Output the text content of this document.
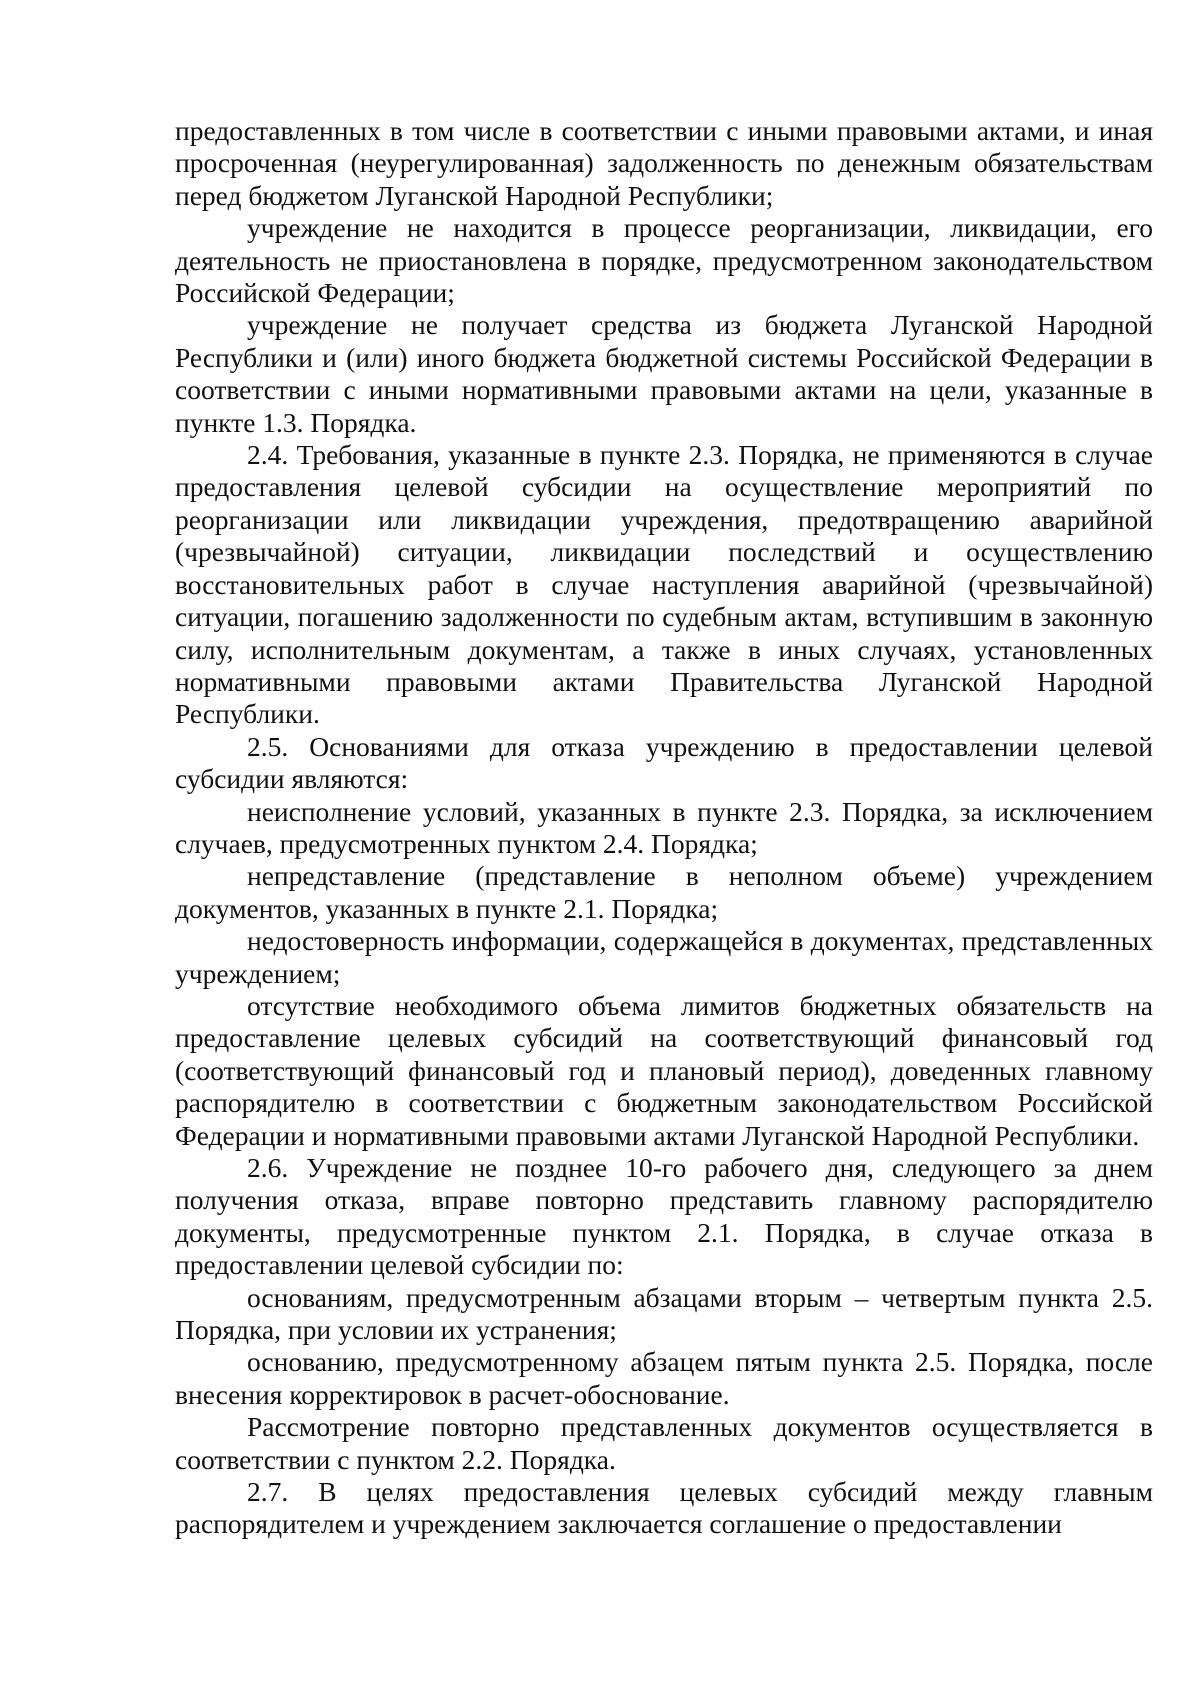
предоставленных в том числе в соответствии с иными правовыми актами, и иная просроченная (неурегулированная) задолженность по денежным обязательствам перед бюджетом Луганской Народной Республики;

учреждение не находится в процессе реорганизации, ликвидации, его деятельность не приостановлена в порядке, предусмотренном законодательством Российской Федерации;

учреждение не получает средства из бюджета Луганской Народной Республики и (или) иного бюджета бюджетной системы Российской Федерации в соответствии с иными нормативными правовыми актами на цели, указанные в пункте 1.3. Порядка.

2.4. Требования, указанные в пункте 2.3. Порядка, не применяются в случае предоставления целевой субсидии на осуществление мероприятий по реорганизации или ликвидации учреждения, предотвращению аварийной (чрезвычайной) ситуации, ликвидации последствий и осуществлению восстановительных работ в случае наступления аварийной (чрезвычайной) ситуации, погашению задолженности по судебным актам, вступившим в законную силу, исполнительным документам, а также в иных случаях, установленных нормативными правовыми актами Правительства Луганской Народной Республики.

2.5. Основаниями для отказа учреждению в предоставлении целевой субсидии являются:

неисполнение условий, указанных в пункте 2.3. Порядка, за исключением случаев, предусмотренных пунктом 2.4. Порядка;

непредставление (представление в неполном объеме) учреждением документов, указанных в пункте 2.1. Порядка;

недостоверность информации, содержащейся в документах, представленных учреждением;

отсутствие необходимого объема лимитов бюджетных обязательств на предоставление целевых субсидий на соответствующий финансовый год (соответствующий финансовый год и плановый период), доведенных главному распорядителю в соответствии с бюджетным законодательством Российской Федерации и нормативными правовыми актами Луганской Народной Республики.

2.6. Учреждение не позднее 10-го рабочего дня, следующего за днем получения отказа, вправе повторно представить главному распорядителю документы, предусмотренные пунктом 2.1. Порядка, в случае отказа в предоставлении целевой субсидии по:

основаниям, предусмотренным абзацами вторым – четвертым пункта 2.5. Порядка, при условии их устранения;

основанию, предусмотренному абзацем пятым пункта 2.5. Порядка, после внесения корректировок в расчет-обоснование.

Рассмотрение повторно представленных документов осуществляется в соответствии с пунктом 2.2. Порядка.

2.7. В целях предоставления целевых субсидий между главным распорядителем и учреждением заключается соглашение о предоставлении
